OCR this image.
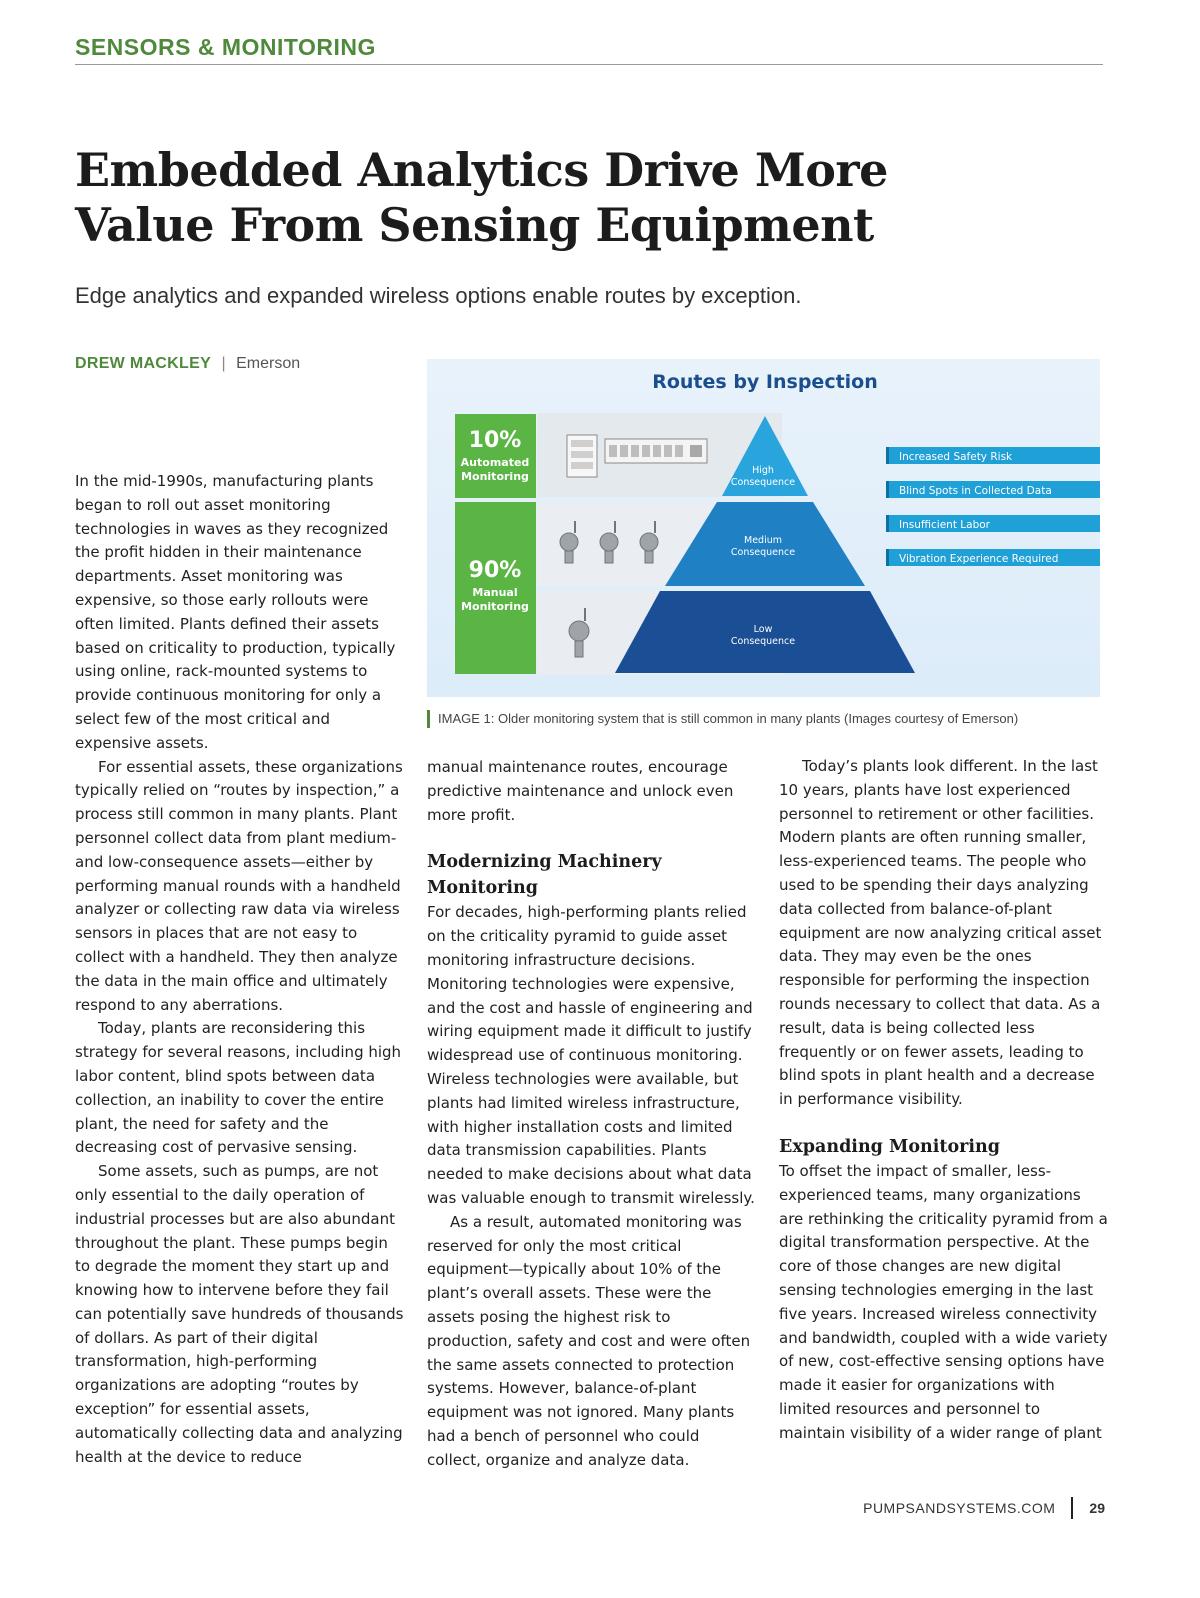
SENSORS & MONITORING
Embedded Analytics Drive More
Value From Sensing Equipment
Edge analytics and expanded wireless options enable routes by exception.
DREW MACKLEY | Emerson
Routes by Inspection
10%
Automated
Monitoring
90%
Manual
Monitoring
High
Consequence
Medium
Consequence
Low
Consequence
Increased Safety Risk
Blind Spots in Collected Data
Insufficient Labor
Vibration Experience Required
IMAGE 1: Older monitoring system that is still common in many plants (Images courtesy of Emerson)

In the mid-1990s, manufacturing plants began to roll out asset monitoring technologies in waves as they recognized the profit hidden in their maintenance departments. Asset monitoring was expensive, so those early rollouts were often limited. Plants defined their assets based on criticality to production, typically using online, rack-mounted systems to provide continuous monitoring for only a select few of the most critical and expensive assets.

For essential assets, these organizations typically relied on “routes by inspection,” a process still common in many plants. Plant personnel collect data from plant medium- and low-consequence assets—either by performing manual rounds with a handheld analyzer or collecting raw data via wireless sensors in places that are not easy to collect with a handheld. They then analyze the data in the main office and ultimately respond to any aberrations.

Today, plants are reconsidering this strategy for several reasons, including high labor content, blind spots between data collection, an inability to cover the entire plant, the need for safety and the decreasing cost of pervasive sensing.

Some assets, such as pumps, are not only essential to the daily operation of industrial processes but are also abundant throughout the plant. These pumps begin to degrade the moment they start up and knowing how to intervene before they fail can potentially save hundreds of thousands of dollars. As part of their digital transformation, high-performing organizations are adopting “routes by exception” for essential assets, automatically collecting data and analyzing health at the device to reduce

manual maintenance routes, encourage predictive maintenance and unlock even more profit.

Modernizing Machinery Monitoring

For decades, high-performing plants relied on the criticality pyramid to guide asset monitoring infrastructure decisions. Monitoring technologies were expensive, and the cost and hassle of engineering and wiring equipment made it difficult to justify widespread use of continuous monitoring. Wireless technologies were available, but plants had limited wireless infrastructure, with higher installation costs and limited data transmission capabilities. Plants needed to make decisions about what data was valuable enough to transmit wirelessly.

As a result, automated monitoring was reserved for only the most critical equipment—typically about 10% of the plant’s overall assets. These were the assets posing the highest risk to production, safety and cost and were often the same assets connected to protection systems. However, balance-of-plant equipment was not ignored. Many plants had a bench of personnel who could collect, organize and analyze data.

Today’s plants look different. In the last 10 years, plants have lost experienced personnel to retirement or other facilities. Modern plants are often running smaller, less-experienced teams. The people who used to be spending their days analyzing data collected from balance-of-plant equipment are now analyzing critical asset data. They may even be the ones responsible for performing the inspection rounds necessary to collect that data. As a result, data is being collected less frequently or on fewer assets, leading to blind spots in plant health and a decrease in performance visibility.

Expanding Monitoring

To offset the impact of smaller, less-experienced teams, many organizations are rethinking the criticality pyramid from a digital transformation perspective. At the core of those changes are new digital sensing technologies emerging in the last five years. Increased wireless connectivity and bandwidth, coupled with a wide variety of new, cost-effective sensing options have made it easier for organizations with limited resources and personnel to maintain visibility of a wider range of plant

PUMPSANDSYSTEMS.COM 29
